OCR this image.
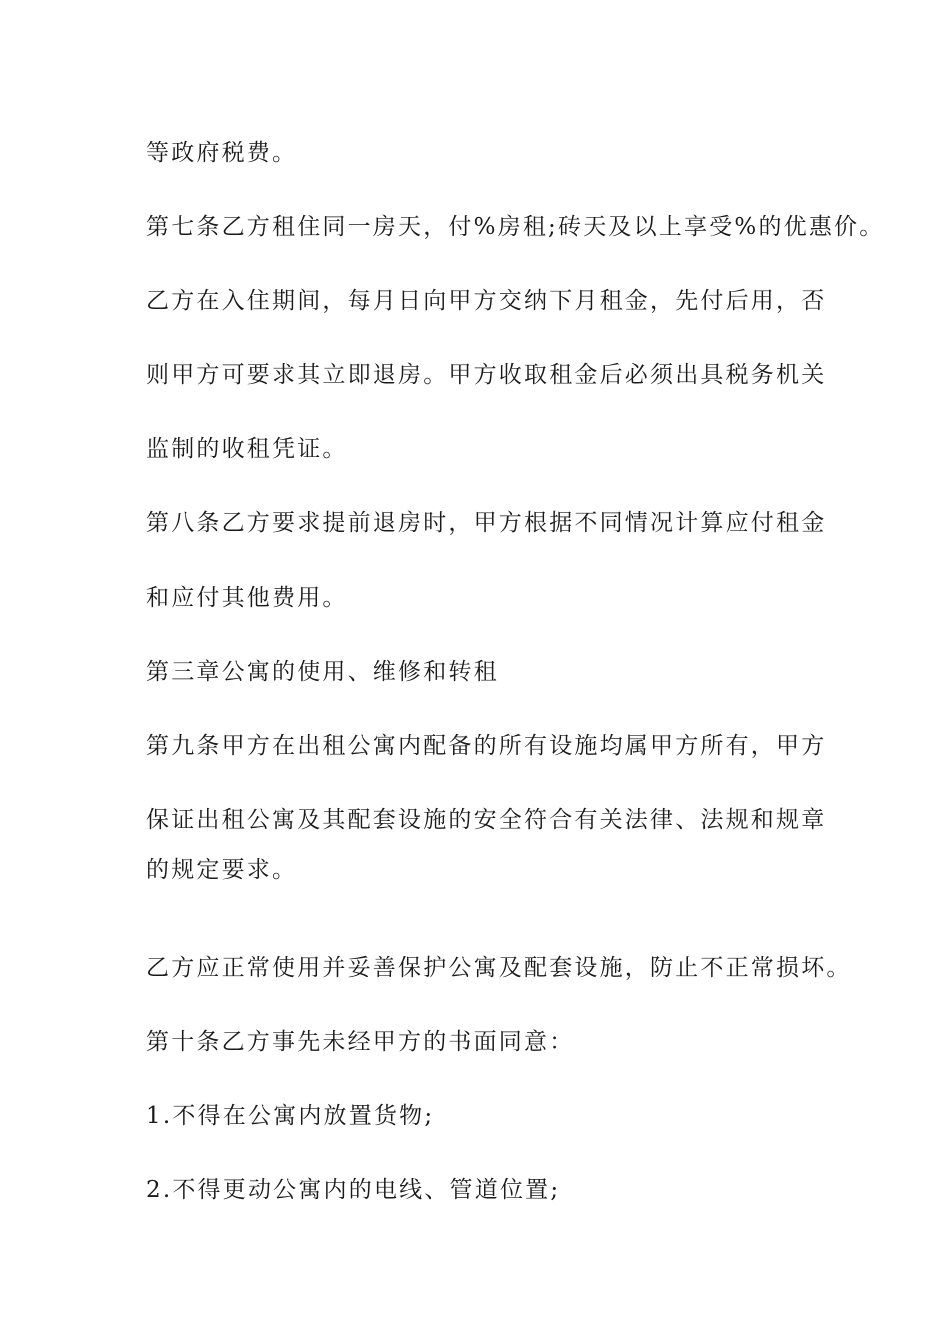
等政府税费。
第七条乙方租住同一房天，付%房租;砖天及以上享受%的优惠价。
乙方在入住期间，每月日向甲方交纳下月租金，先付后用，否
则甲方可要求其立即退房。甲方收取租金后必须出具税务机关
监制的收租凭证。
第八条乙方要求提前退房时，甲方根据不同情况计算应付租金
和应付其他费用。
第三章公寓的使用、维修和转租
第九条甲方在出租公寓内配备的所有设施均属甲方所有，甲方
保证出租公寓及其配套设施的安全符合有关法律、法规和规章
的规定要求。
乙方应正常使用并妥善保护公寓及配套设施，防止不正常损坏。
第十条乙方事先未经甲方的书面同意：
1.不得在公寓内放置货物;
2.不得更动公寓内的电线、管道位置;
